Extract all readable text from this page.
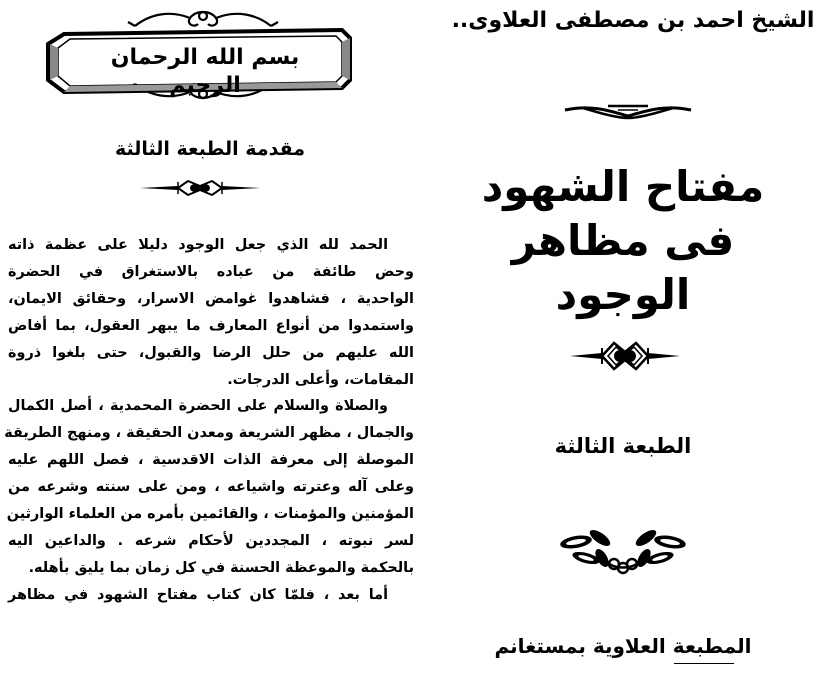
بسم الله الرحمان الرحيم
مقدمة الطبعة الثالثة

الحمد لله الذي جعل الوجود دليلا على عظمة ذاته
وحض طائفة من عباده بالاستغراق في الحضرة
الواحدية ، فشاهدوا غوامض الاسرار، وحقائق الايمان،
واستمدوا من أنواع المعارف ما يبهر العقول، بما أفاض
الله عليهم من حلل الرضا والقبول، حتى بلغوا ذروة
المقامات، وأعلى الدرجات.

والصلاة والسلام على الحضرة المحمدية ، أصل الكمال
والجمال ، مظهر الشريعة ومعدن الحقيقة ، ومنهج الطريقة
الموصلة إلى معرفة الذات الاقدسية ، فصل اللهم عليه
وعلى آله وعترته واشياعه ، ومن على سنته وشرعه من
المؤمنين والمؤمنات ، والقائمين بأمره من العلماء الوارثين
لسر نبوته ، المجددين لأحكام شرعه . والداعين اليه
بالحكمة والموعظة الحسنة في كل زمان بما يليق بأهله.

أما بعد ، فلمّا كان كتاب مفتاح الشهود في مظاهر

الشيخ احمد بن مصطفى العلاوى..
مفتاح الشهود
فى مظاهر الوجود
الطبعة الثالثة
المطبعة العلاوية بمستغانم
